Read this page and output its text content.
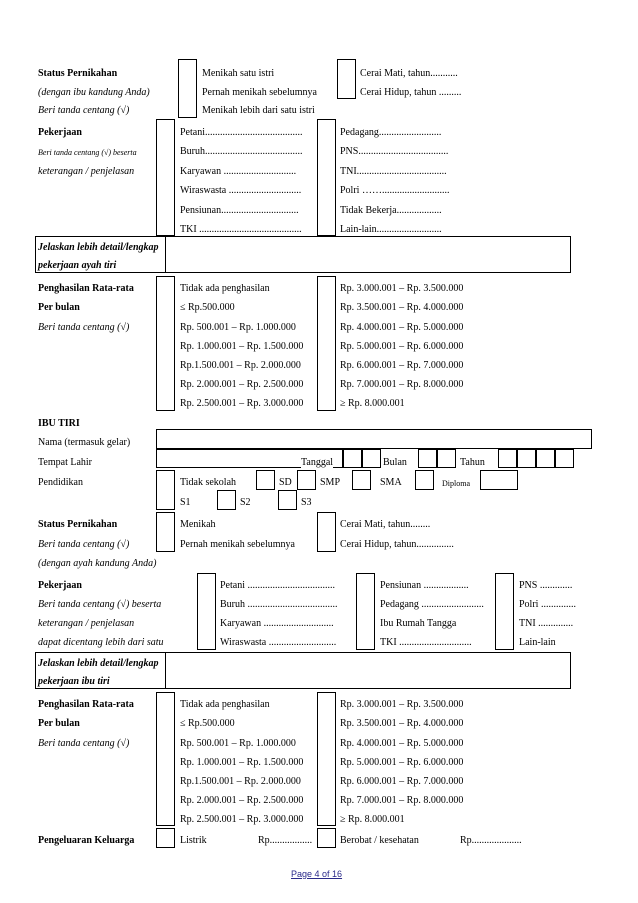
Status Pernikahan
(dengan ibu kandung Anda)
Beri tanda centang (√)
Menikah satu istri
Pernah menikah sebelumnya
Menikah lebih dari satu istri
Cerai Mati, tahun...........
Cerai Hidup, tahun .........
Pekerjaan
Beri tanda centang (√) beserta
keterangan / penjelasan
Petani.......................................
Buruh.......................................
Karyawan .............................
Wiraswasta .............................
Pensiunan...............................
TKI .........................................
Pedagang.........................
PNS....................................
TNI....................................
Polri ……...........................
Tidak Bekerja..................
Lain-lain..........................
Jelaskan lebih detail/lengkap
pekerjaan ayah tiri
Penghasilan Rata-rata
Per bulan
Beri tanda centang (√)
Tidak ada penghasilan
≤ Rp.500.000
Rp. 500.001 – Rp. 1.000.000
Rp. 1.000.001 – Rp. 1.500.000
Rp.1.500.001 – Rp. 2.000.000
Rp. 2.000.001 – Rp. 2.500.000
Rp. 2.500.001 – Rp. 3.000.000
Rp. 3.000.001 – Rp. 3.500.000
Rp. 3.500.001 – Rp. 4.000.000
Rp. 4.000.001 – Rp. 5.000.000
Rp. 5.000.001 – Rp. 6.000.000
Rp. 6.000.001 – Rp. 7.000.000
Rp. 7.000.001 – Rp. 8.000.000
≥ Rp. 8.000.001
IBU TIRI
Nama (termasuk gelar)
Tempat Lahir	Tanggal	Bulan	Tahun
Pendidikan	Tidak sekolah	SD	SMP	SMA	Diploma
S1	S2	S3
Status Pernikahan
Beri tanda centang (√)
(dengan ayah kandung Anda)
Menikah
Pernah menikah sebelumnya
Cerai Mati, tahun........
Cerai Hidup, tahun...............
Pekerjaan
Beri tanda centang (√) beserta
keterangan / penjelasan
dapat dicentang lebih dari satu
Petani ...................................
Buruh ....................................
Karyawan ............................
Wiraswasta ...........................
Pensiunan ..................
Pedagang .........................
Ibu Rumah Tangga
TKI .............................
PNS .............
Polri ..............
TNI ..............
Lain-lain
Jelaskan lebih detail/lengkap
pekerjaan ibu tiri
Penghasilan Rata-rata
Per bulan
Beri tanda centang (√)
Tidak ada penghasilan
≤ Rp.500.000
Rp. 500.001 – Rp. 1.000.000
Rp. 1.000.001 – Rp. 1.500.000
Rp.1.500.001 – Rp. 2.000.000
Rp. 2.000.001 – Rp. 2.500.000
Rp. 2.500.001 – Rp. 3.000.000
Rp. 3.000.001 – Rp. 3.500.000
Rp. 3.500.001 – Rp. 4.000.000
Rp. 4.000.001 – Rp. 5.000.000
Rp. 5.000.001 – Rp. 6.000.000
Rp. 6.000.001 – Rp. 7.000.000
Rp. 7.000.001 – Rp. 8.000.000
≥ Rp. 8.000.001
Pengeluaran Keluarga	Listrik	Rp.................	Berobat / kesehatan	Rp....................
Page 4 of 16
